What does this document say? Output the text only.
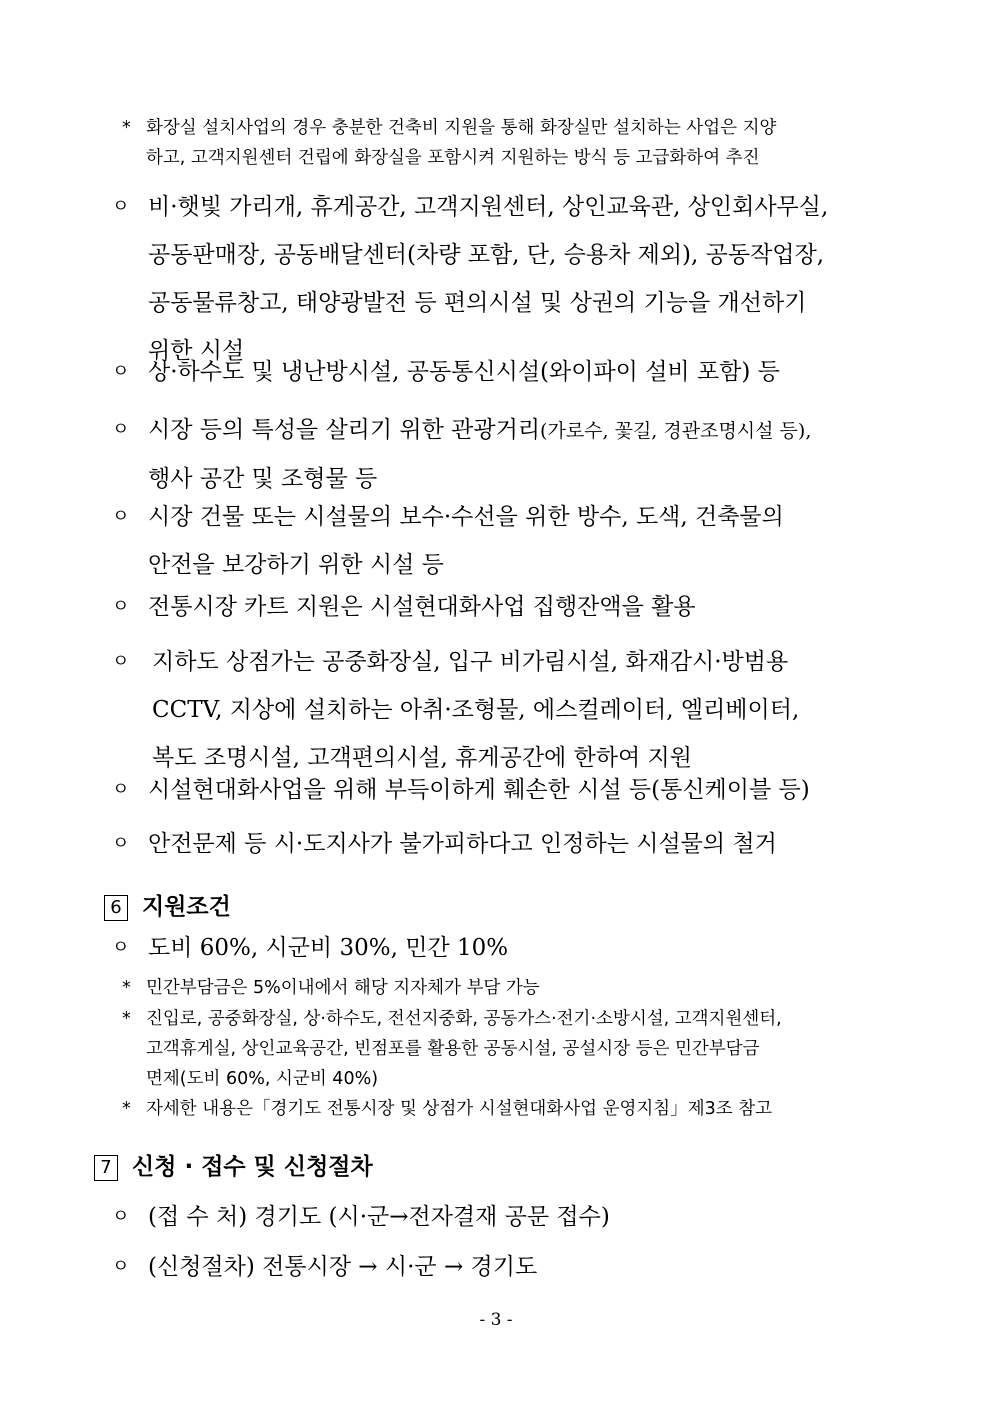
* 화장실 설치사업의 경우 충분한 건축비 지원을 통해 화장실만 설치하는 사업은 지양
하고, 고객지원센터 건립에 화장실을 포함시켜 지원하는 방식 등 고급화하여 추진
ㅇ 비·햇빛 가리개, 휴게공간, 고객지원센터, 상인교육관, 상인회사무실,
공동판매장, 공동배달센터(차량 포함, 단, 승용차 제외), 공동작업장,
공동물류창고, 태양광발전 등 편의시설 및 상권의 기능을 개선하기
위한 시설
ㅇ 상·하수도 및 냉난방시설, 공동통신시설(와이파이 설비 포함) 등
ㅇ 시장 등의 특성을 살리기 위한 관광거리(가로수, 꽃길, 경관조명시설 등),
행사 공간 및 조형물 등
ㅇ 시장 건물 또는 시설물의 보수·수선을 위한 방수, 도색, 건축물의
안전을 보강하기 위한 시설 등
ㅇ 전통시장 카트 지원은 시설현대화사업 집행잔액을 활용
ㅇ 지하도 상점가는 공중화장실, 입구 비가림시설, 화재감시·방범용
CCTV, 지상에 설치하는 아취·조형물, 에스컬레이터, 엘리베이터,
복도 조명시설, 고객편의시설, 휴게공간에 한하여 지원
ㅇ 시설현대화사업을 위해 부득이하게 훼손한 시설 등(통신케이블 등)
ㅇ 안전문제 등 시·도지사가 불가피하다고 인정하는 시설물의 철거
6 지원조건
ㅇ 도비 60%, 시군비 30%, 민간 10%
* 민간부담금은 5%이내에서 해당 지자체가 부담 가능
* 진입로, 공중화장실, 상·하수도, 전선지중화, 공동가스·전기·소방시설, 고객지원센터,
고객휴게실, 상인교육공간, 빈점포를 활용한 공동시설, 공설시장 등은 민간부담금
면제(도비 60%, 시군비 40%)
* 자세한 내용은「경기도 전통시장 및 상점가 시설현대화사업 운영지침」제3조 참고
7 신청 · 접수 및 신청절차
ㅇ (접 수 처) 경기도 (시·군→전자결재 공문 접수)
ㅇ (신청절차) 전통시장 → 시·군 → 경기도
- 3 -
